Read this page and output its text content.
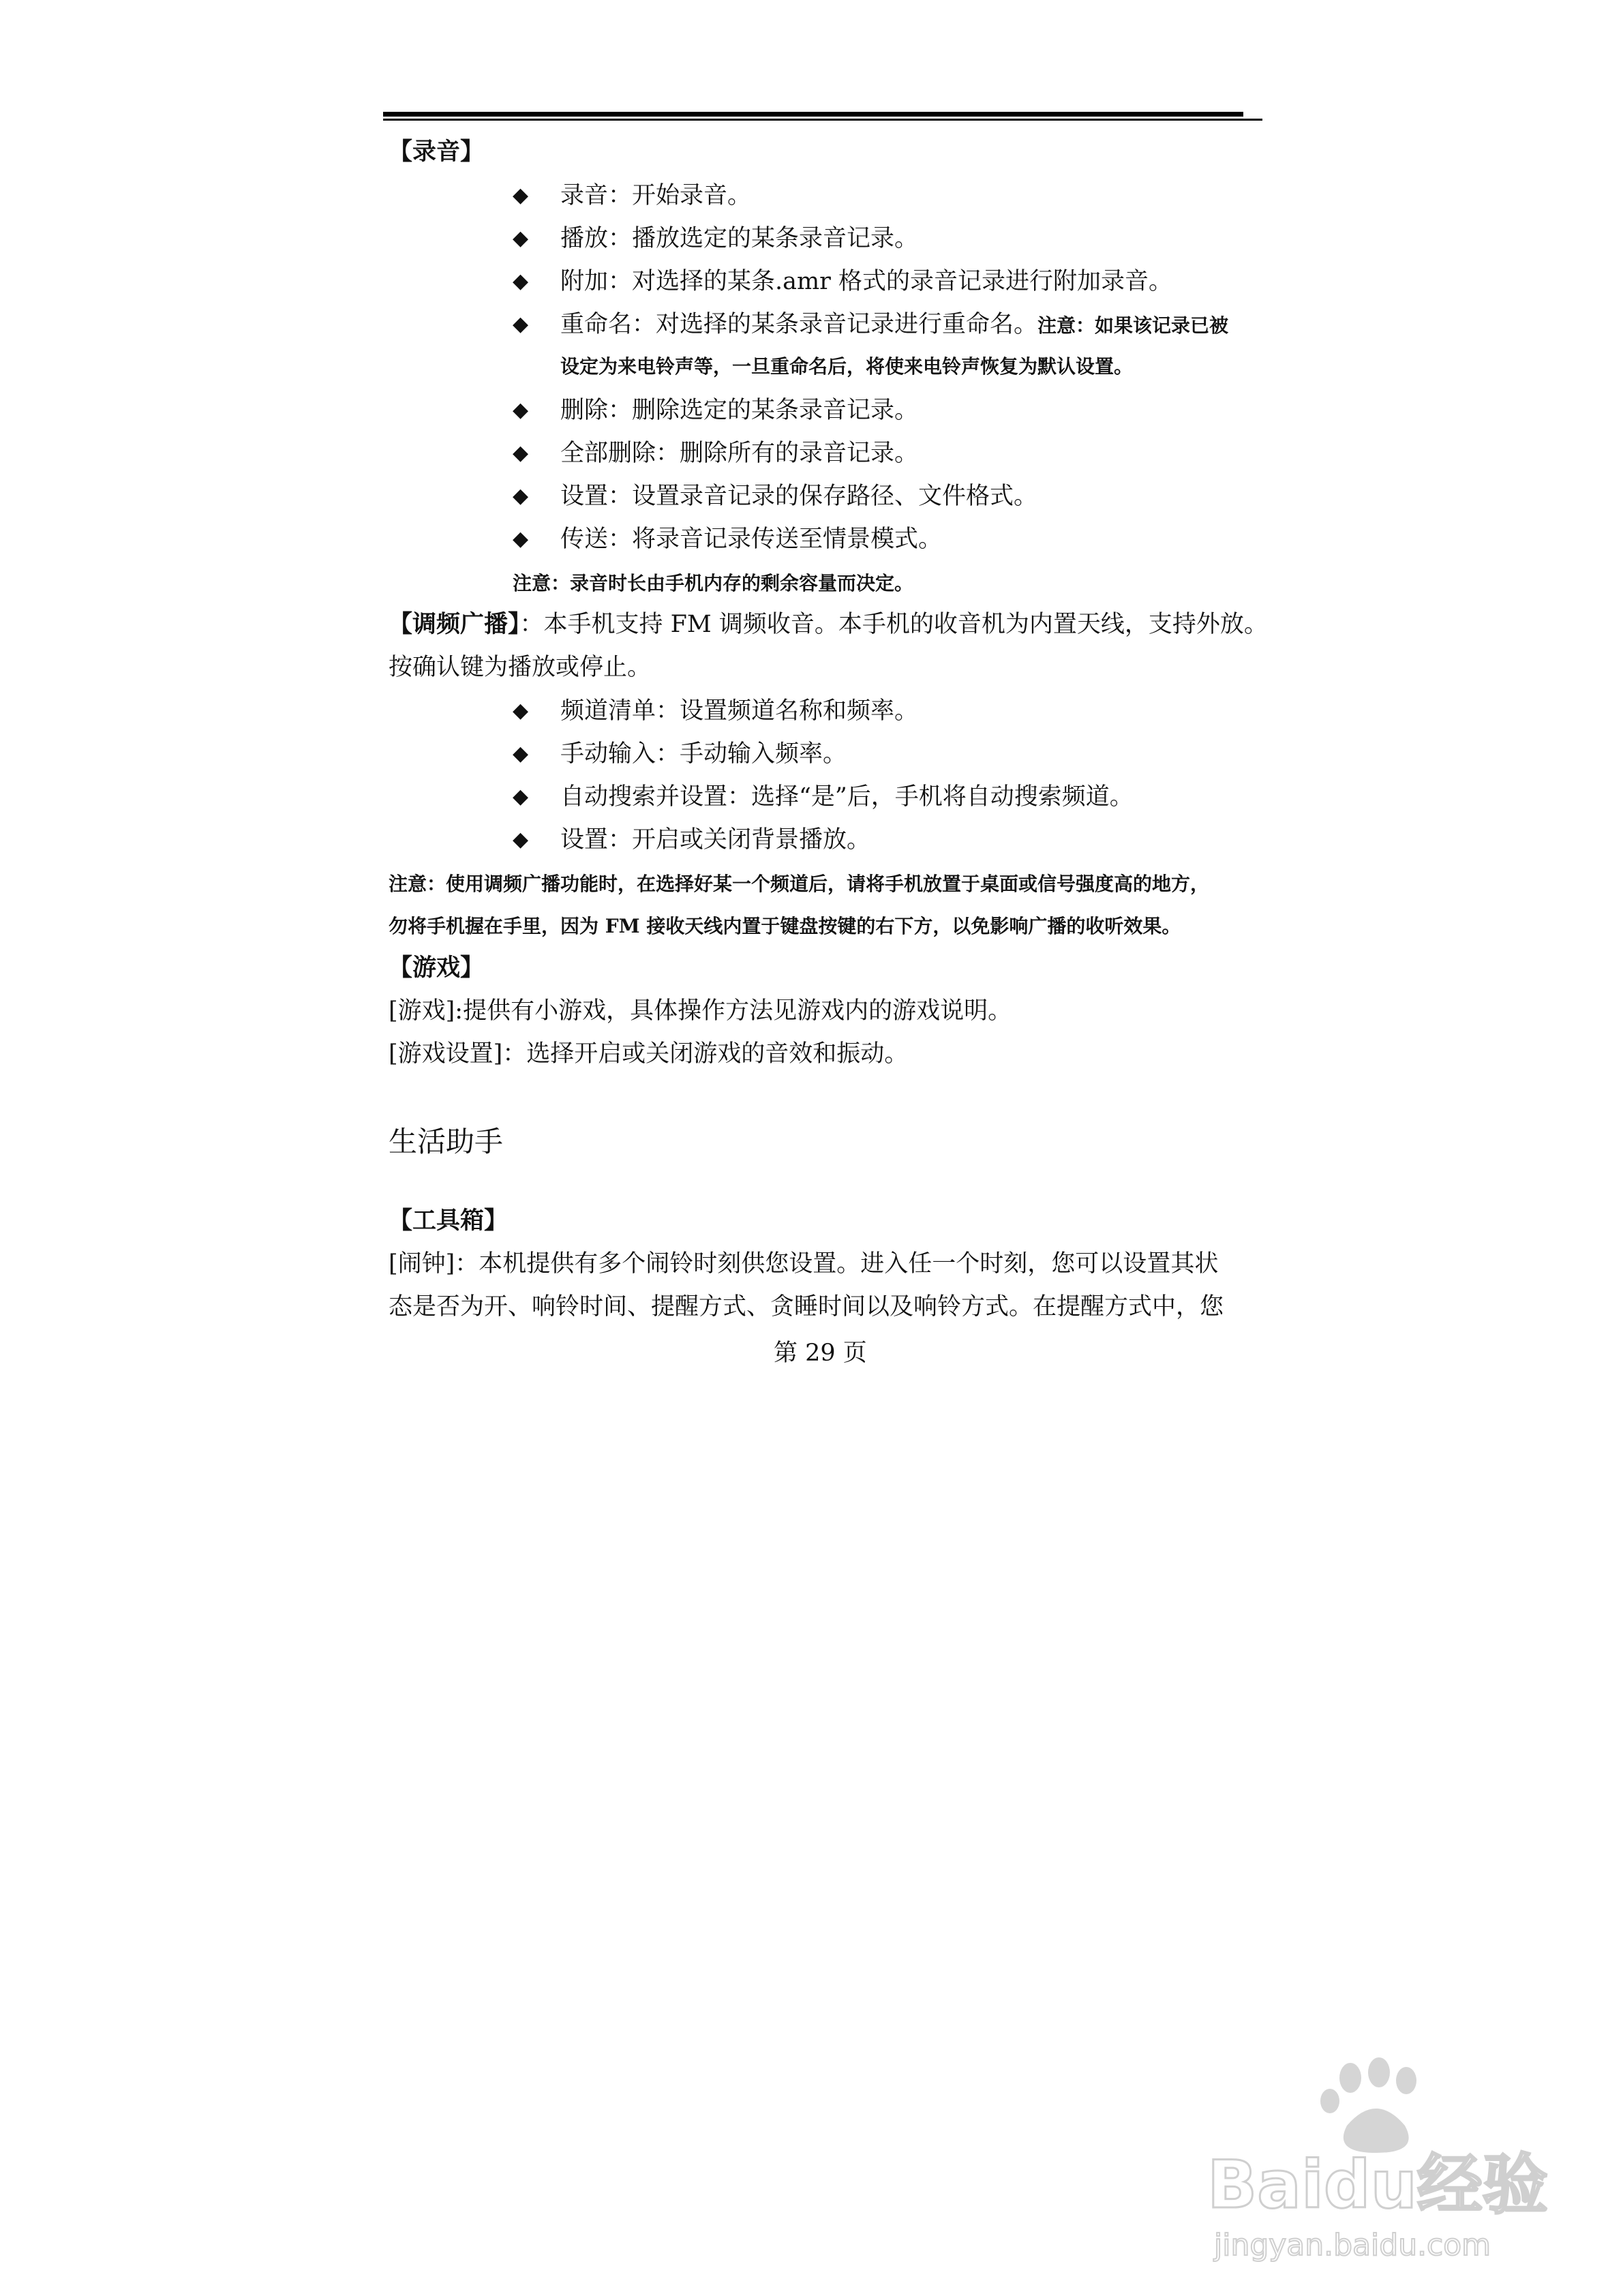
【录音】
◆ 录音：开始录音。
◆ 播放：播放选定的某条录音记录。
◆ 附加：对选择的某条.amr 格式的录音记录进行附加录音。
◆ 重命名：对选择的某条录音记录进行重命名。注意：如果该记录已被
设定为来电铃声等，一旦重命名后，将使来电铃声恢复为默认设置。
◆ 删除：删除选定的某条录音记录。
◆ 全部删除：删除所有的录音记录。
◆ 设置：设置录音记录的保存路径、文件格式。
◆ 传送：将录音记录传送至情景模式。
注意：录音时长由手机内存的剩余容量而决定。
【调频广播】：本手机支持 FM 调频收音。本手机的收音机为内置天线，支持外放。
按确认键为播放或停止。
◆ 频道清单：设置频道名称和频率。
◆ 手动输入：手动输入频率。
◆ 自动搜索并设置：选择“是”后，手机将自动搜索频道。
◆ 设置：开启或关闭背景播放。
注意：使用调频广播功能时，在选择好某一个频道后，请将手机放置于桌面或信号强度高的地方，
勿将手机握在手里，因为 FM 接收天线内置于键盘按键的右下方，以免影响广播的收听效果。
【游戏】
[游戏]:提供有小游戏，具体操作方法见游戏内的游戏说明。
[游戏设置]：选择开启或关闭游戏的音效和振动。
生活助手
【工具箱】
[闹钟]：本机提供有多个闹铃时刻供您设置。进入任一个时刻，您可以设置其状
态是否为开、响铃时间、提醒方式、贪睡时间以及响铃方式。在提醒方式中，您
第 29 页
Baidu经验
jingyan.baidu.com
